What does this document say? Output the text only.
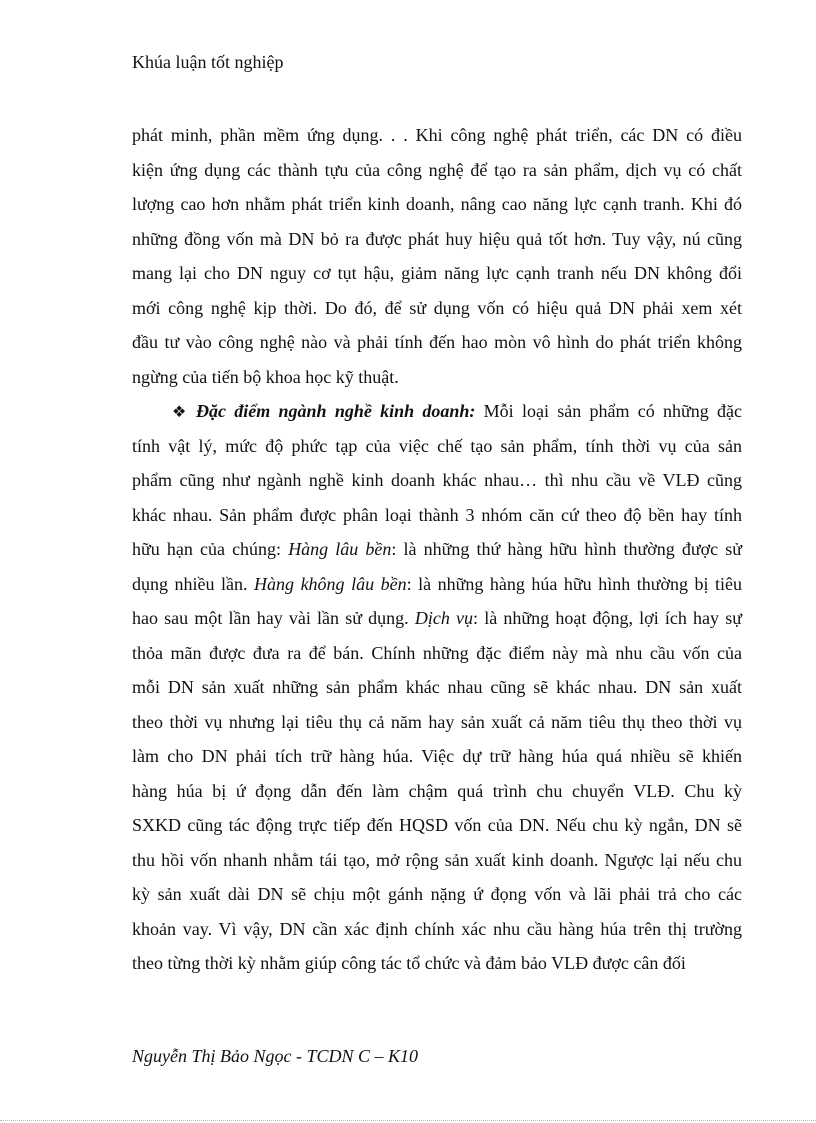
Khúa luận tốt nghiệp
phát minh, phần mềm ứng dụng. . . Khi công nghệ phát triển, các DN có điều
kiện ứng dụng các thành tựu của công nghệ để tạo ra sản phẩm, dịch vụ có chất
lượng cao hơn nhằm phát triển kinh doanh, nâng cao năng lực cạnh tranh. Khi đó
những đồng vốn mà DN bỏ ra được phát huy hiệu quả tốt hơn. Tuy vậy, nú cũng
mang lại cho DN nguy cơ tụt hậu, giảm năng lực cạnh tranh nếu DN không đổi
mới công nghệ kịp thời. Do đó, để sử dụng vốn có hiệu quả DN phải xem xét
đầu tư vào công nghệ nào và phải tính đến hao mòn vô hình do phát triển không
ngừng của tiến bộ khoa học kỹ thuật.
❖ Đặc điểm ngành nghề kinh doanh: Mỗi loại sản phẩm có những đặc
tính vật lý, mức độ phức tạp của việc chế tạo sản phẩm, tính thời vụ của sản
phẩm cũng như ngành nghề kinh doanh khác nhau… thì nhu cầu về VLĐ cũng
khác nhau. Sản phẩm được phân loại thành 3 nhóm căn cứ theo độ bền hay tính
hữu hạn của chúng: Hàng lâu bền: là những thứ hàng hữu hình thường được sử
dụng nhiều lần. Hàng không lâu bền: là những hàng húa hữu hình thường bị tiêu
hao sau một lần hay vài lần sử dụng. Dịch vụ: là những hoạt động, lợi ích hay sự
thỏa mãn được đưa ra để bán. Chính những đặc điểm này mà nhu cầu vốn của
mỗi DN sản xuất những sản phẩm khác nhau cũng sẽ khác nhau. DN sản xuất
theo thời vụ nhưng lại tiêu thụ cả năm hay sản xuất cả năm tiêu thụ theo thời vụ
làm cho DN phải tích trữ hàng húa. Việc dự trữ hàng húa quá nhiều sẽ khiến
hàng húa bị ứ đọng dẫn đến làm chậm quá trình chu chuyển VLĐ. Chu kỳ
SXKD cũng tác động trực tiếp đến HQSD vốn của DN. Nếu chu kỳ ngắn, DN sẽ
thu hồi vốn nhanh nhằm tái tạo, mở rộng sản xuất kinh doanh. Ngược lại nếu chu
kỳ sản xuất dài DN sẽ chịu một gánh nặng ứ đọng vốn và lãi phải trả cho các
khoản vay. Vì vậy, DN cần xác định chính xác nhu cầu hàng húa trên thị trường
theo từng thời kỳ nhằm giúp công tác tổ chức và đảm bảo VLĐ được cân đối
Nguyễn Thị Bảo Ngọc - TCDN C – K10
